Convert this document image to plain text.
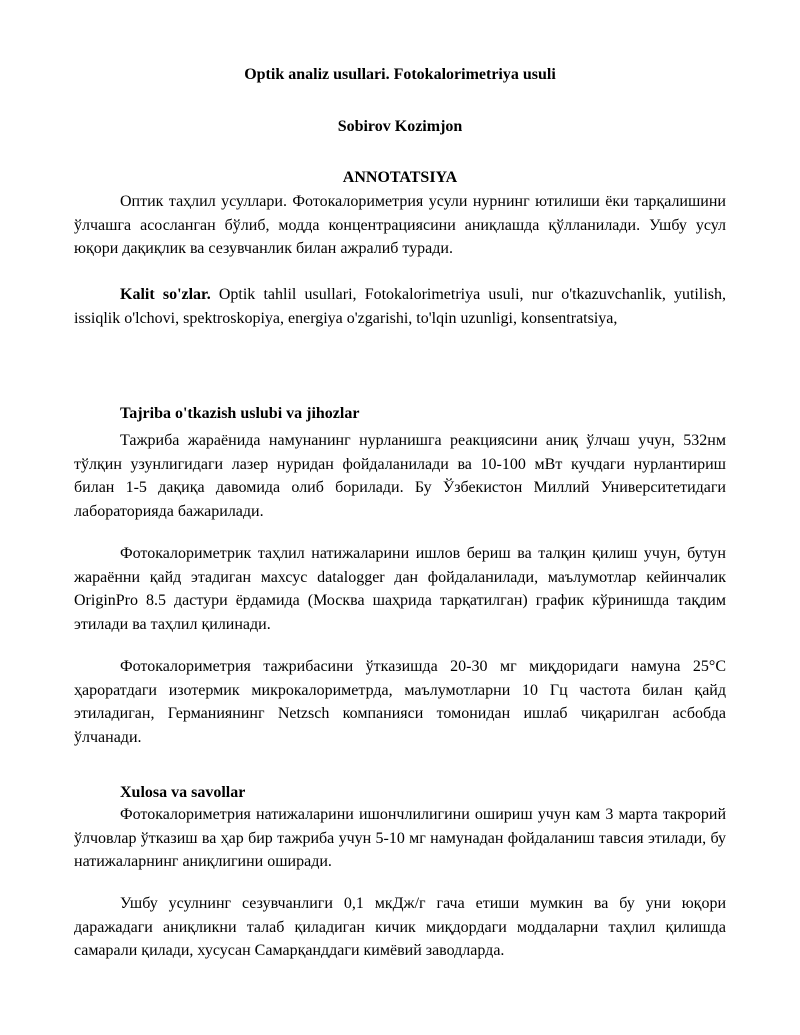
Optik analiz usullari. Fotokalorimetriya usuli
Sobirov Kozimjon
ANNOTATSIYA

Оптик таҳлил усуллари. Фотокалориметрия усули нурнинг ютилиши ёки тарқалишини ўлчашга асосланган бўлиб, модда концентрациясини аниқлашда қўлланилади. Ушбу усул юқори дақиқлик ва сезувчанлик билан ажралиб туради.

Kalit so'zlar. Optik tahlil usullari, Fotokalorimetriya usuli, nur o'tkazuvchanlik, yutilish, issiqlik o'lchovi, spektroskopiya, energiya o'zgarishi, to'lqin uzunligi, konsentratsiya,

Tajriba o'tkazish uslubi va jihozlar

Тажриба жараёнида намунанинг нурланишга реакциясини аниқ ўлчаш учун, 532нм тўлқин узунлигидаги лазер нуридан фойдаланилади ва 10-100 мВт кучдаги нурлантириш билан 1-5 дақиқа давомида олиб борилади. Бу Ўзбекистон Миллий Университетидаги лабораторияда бажарилади.

Фотокалориметрик таҳлил натижаларини ишлов бериш ва талқин қилиш учун, бутун жараённи қайд этадиган махсус datalogger дан фойдаланилади, маълумотлар кейинчалик OriginPro 8.5 дастури ёрдамида (Москва шаҳрида тарқатилган) график кўринишда тақдим этилади ва таҳлил қилинади.

Фотокалориметрия тажрибасини ўтказишда 20-30 мг миқдоридаги намуна 25°C ҳароратдаги изотермик микрокалориметрда, маълумотларни 10 Гц частота билан қайд этиладиган, Германиянинг Netzsch компанияси томонидан ишлаб чиқарилган асбобда ўлчанади.

Xulosa va savollar

Фотокалориметрия натижаларини ишончлилигини ошириш учун кам 3 марта такрорий ўлчовлар ўтказиш ва ҳар бир тажриба учун 5-10 мг намунадан фойдаланиш тавсия этилади, бу натижаларнинг аниқлигини оширади.

Ушбу усулнинг сезувчанлиги 0,1 мкДж/г гача етиши мумкин ва бу уни юқори даражадаги аниқликни талаб қиладиган кичик миқдордаги моддаларни таҳлил қилишда самарали қилади, хусусан Самарқанддаги кимёвий заводларда.
